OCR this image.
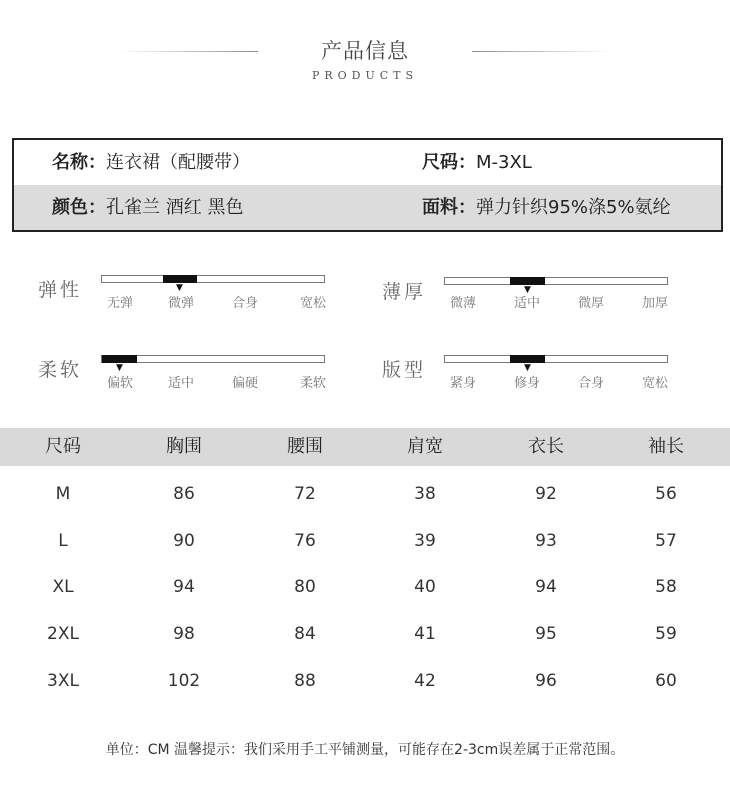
产品信息
PRODUCTS
名称：连衣裙（配腰带）	尺码：M-3XL
颜色：孔雀兰 酒红 黑色	面料：弹力针织95%涤5%氨纶
弹性	▼
无弹	微弹	合身	宽松
薄厚	▼
微薄	适中	微厚	加厚
柔软	▼
偏软	适中	偏硬	柔软
版型	▼
紧身	修身	合身	宽松
尺码	胸围	腰围	肩宽	衣长	袖长
M	86	72	38	92	56
L	90	76	39	93	57
XL	94	80	40	94	58
2XL	98	84	41	95	59
3XL	102	88	42	96	60
单位：CM 温馨提示：我们采用手工平铺测量，可能存在2-3cm误差属于正常范围。
